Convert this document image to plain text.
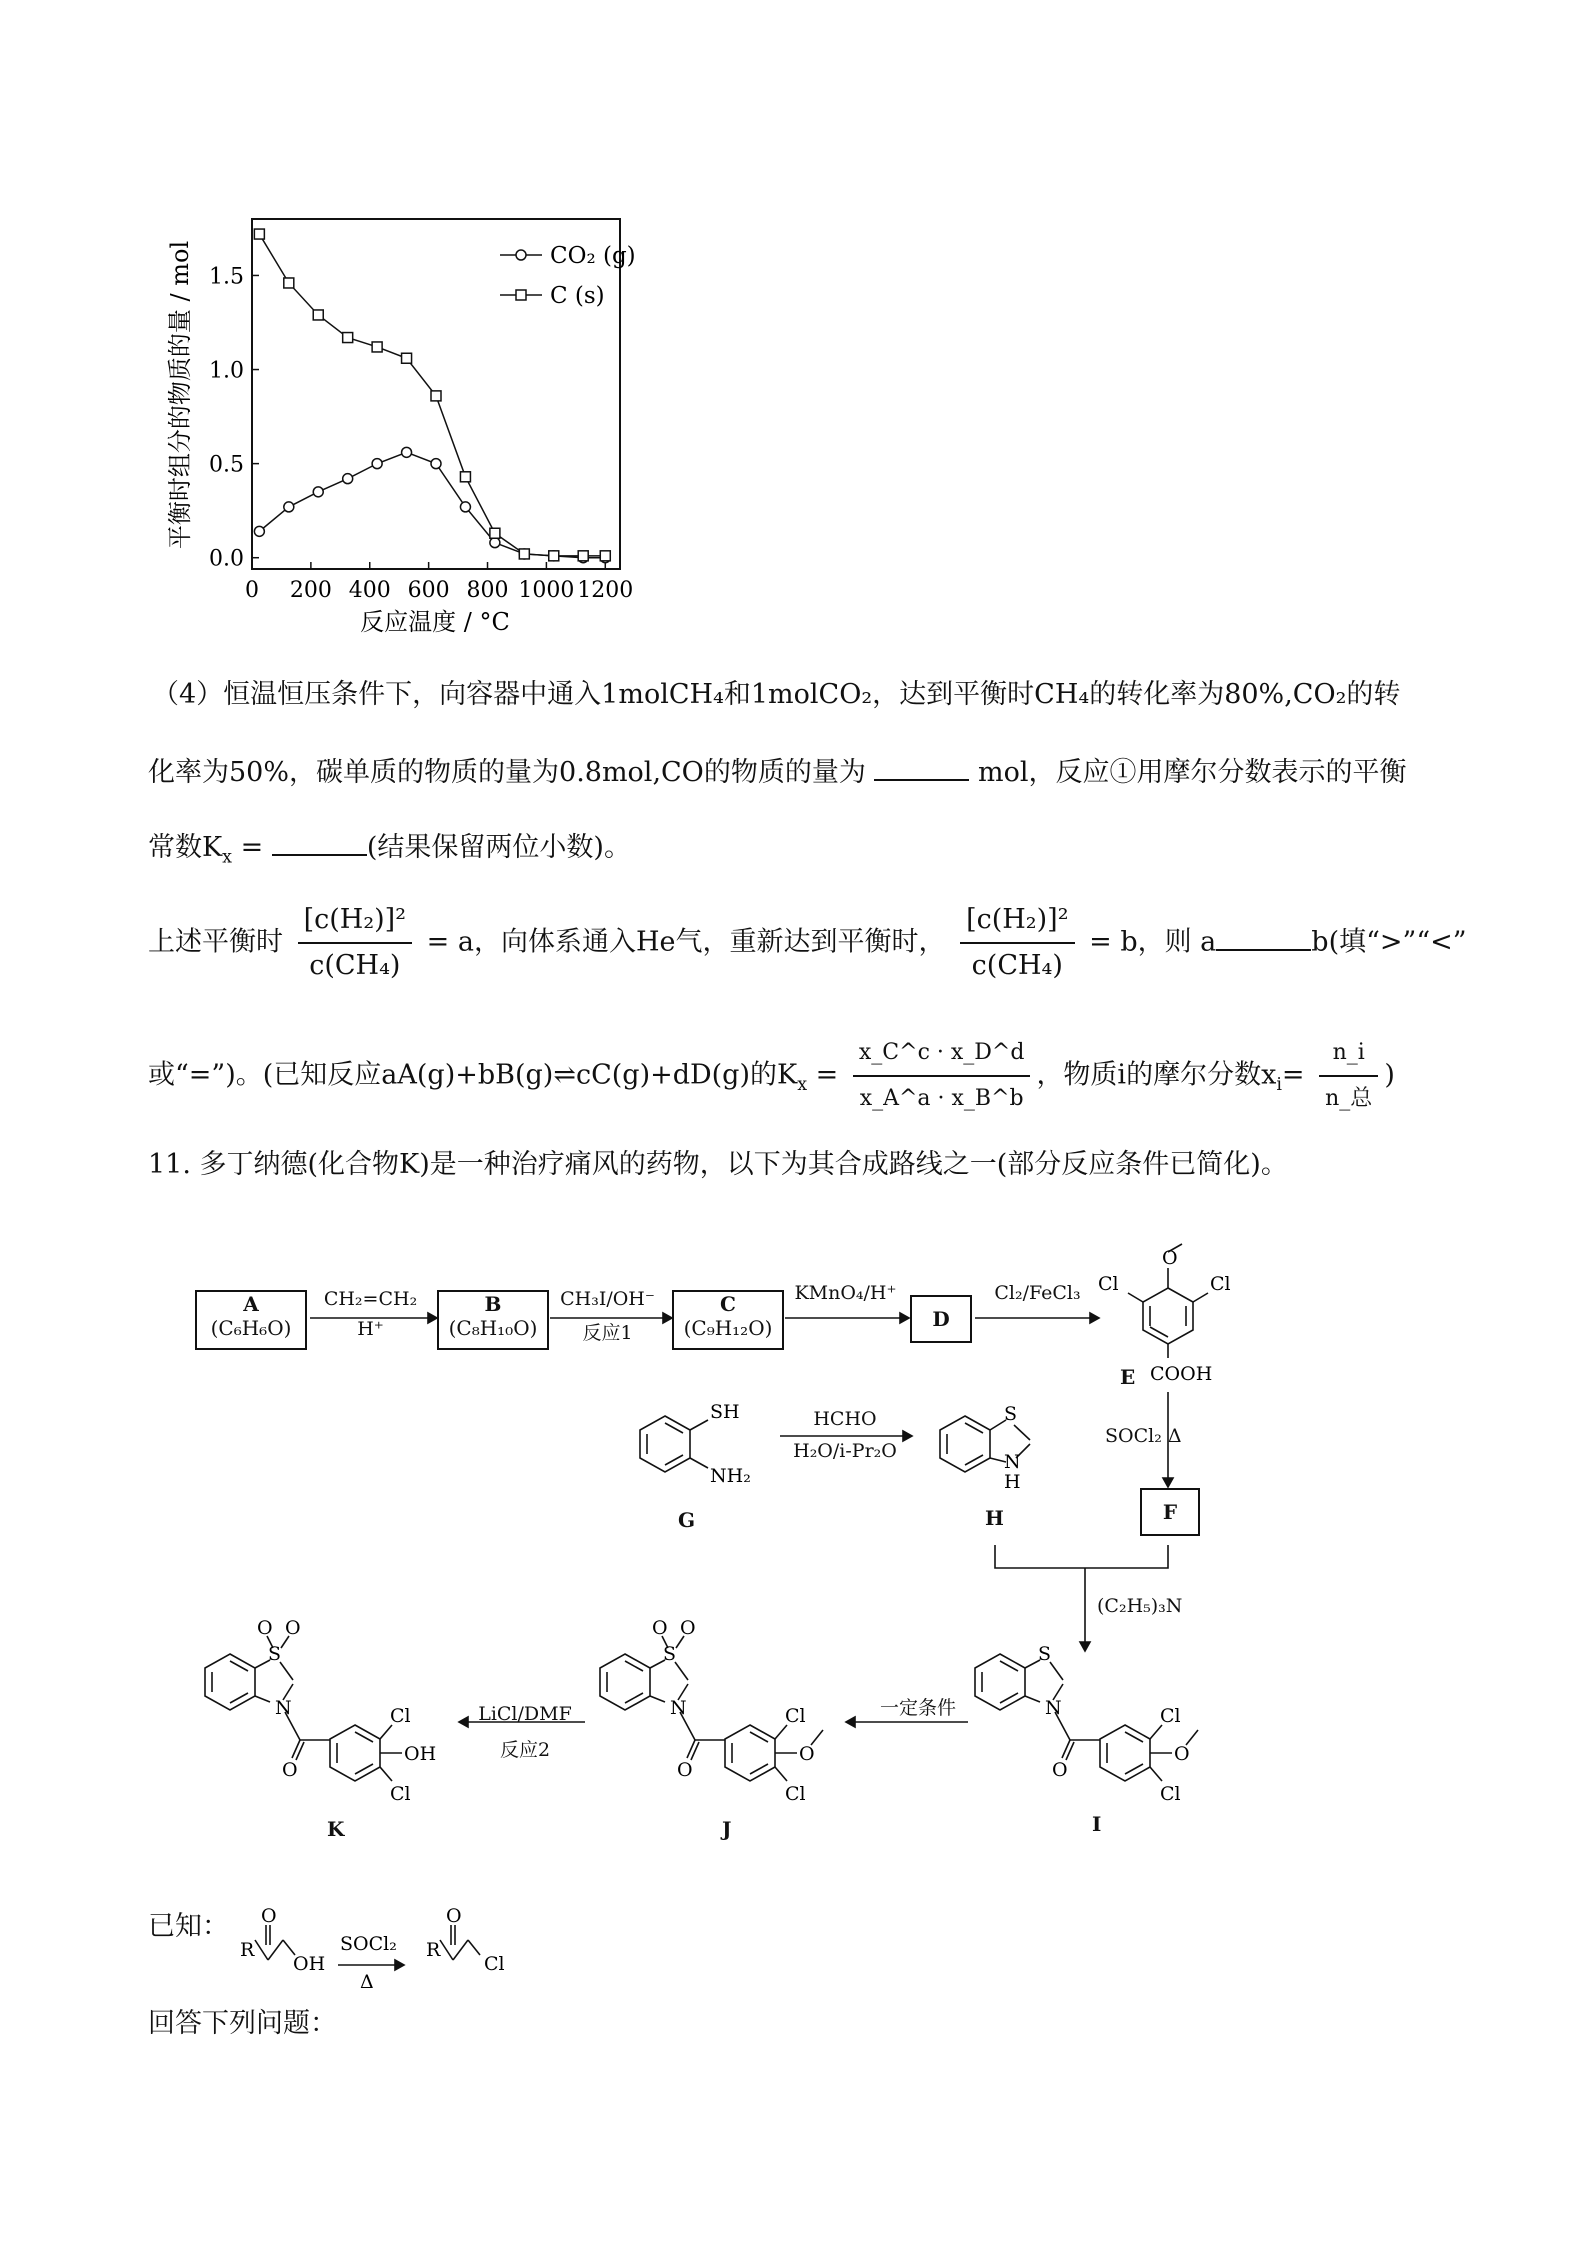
0 200 400 600 800 1000 1200
0.0
0.5
1.0
1.5
平衡时组分的物质的量 / mol
反应温度 / °C
CO₂ (g)
C (s)
（4）恒温恒压条件下，向容器中通入1molCH₄和1molCO₂，达到平衡时CH₄的转化率为80%,CO₂的转
化率为50%，碳单质的物质的量为0.8mol,CO的物质的量为	mol，反应①用摩尔分数表示的平衡
常数$K_x$ =	(结果保留两位小数)。
上述平衡时 $\frac{\text{[c(H₂)]²}}{\text{c(CH₄)}} = a$，向体系通入He气，重新达到平衡时， $\frac{\text{[c(H₂)]²}}{\text{c(CH₄)}} = b$，则 a	b(填“>”“<”
或“=”)。(已知反应aA(g)+bB(g)⇌cC(g)+dD(g)的$K_x = \frac{x\_C\^{}c \cdot x\_D\^{}d}{x\_A\^{}a \cdot x\_B\^{}b}$ ，物质i的摩尔分数$x_i= \frac{n\_i}{\text{n\_总}}$ )
11. 多丁纳德(化合物K)是一种治疗痛风的药物，以下为其合成路线之一(部分反应条件已简化)。
A
(C₆H₆O)
B
(C₈H₁₀O)
C
(C₉H₁₂O)	D
F
CH₂=CH₂
H⁺
CH₃I/OH⁻
反应1
KMnO₄/H⁺	Cl₂/FeCl₃
SOCl₂ Δ
HCHO
H₂O/i-Pr₂O
(C₂H₅)₃N
一定条件
LiCl/DMF
反应2
E
G	H
I
J
K
O
Cl	Cl
COOH
SH
NH₂
S
N
H
S
N
O
Cl
Cl
O
S
O O
N
O
Cl
Cl
O
S
O O
N
O
Cl
Cl
OH
R
O
OH
SOCl₂
Δ
R
O
Cl
已知：
回答下列问题：
